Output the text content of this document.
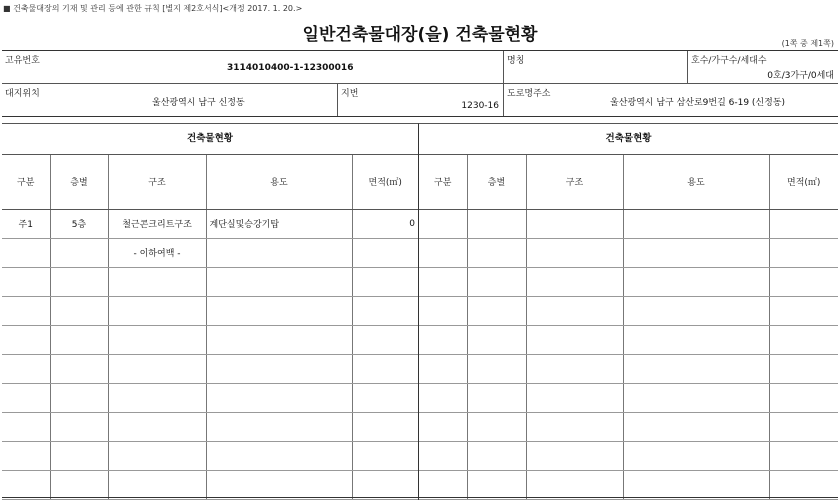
■ 건축물대장의 기재 및 관리 등에 관한 규칙 [별지 제2호서식]<개정 2017. 1. 20.>
일반건축물대장(을) 건축물현황	(1쪽 중 제1쪽)
고유번호
3114010400-1-12300016
명칭	호수/가구수/세대수
0호/3가구/0세대
대지위치
울산광역시 남구 신정동
지번
1230-16
도로명주소
울산광역시 남구 삼산로9번길 6-19 (신정동)
건축물현황
구분	층별	구조	용도	면적(㎡)
주1	5층	철근콘크리트구조	계단실및승강기탑	0
		- 이하여백 -		

건축물현황
구분	층별	구조	용도	면적(㎡)
